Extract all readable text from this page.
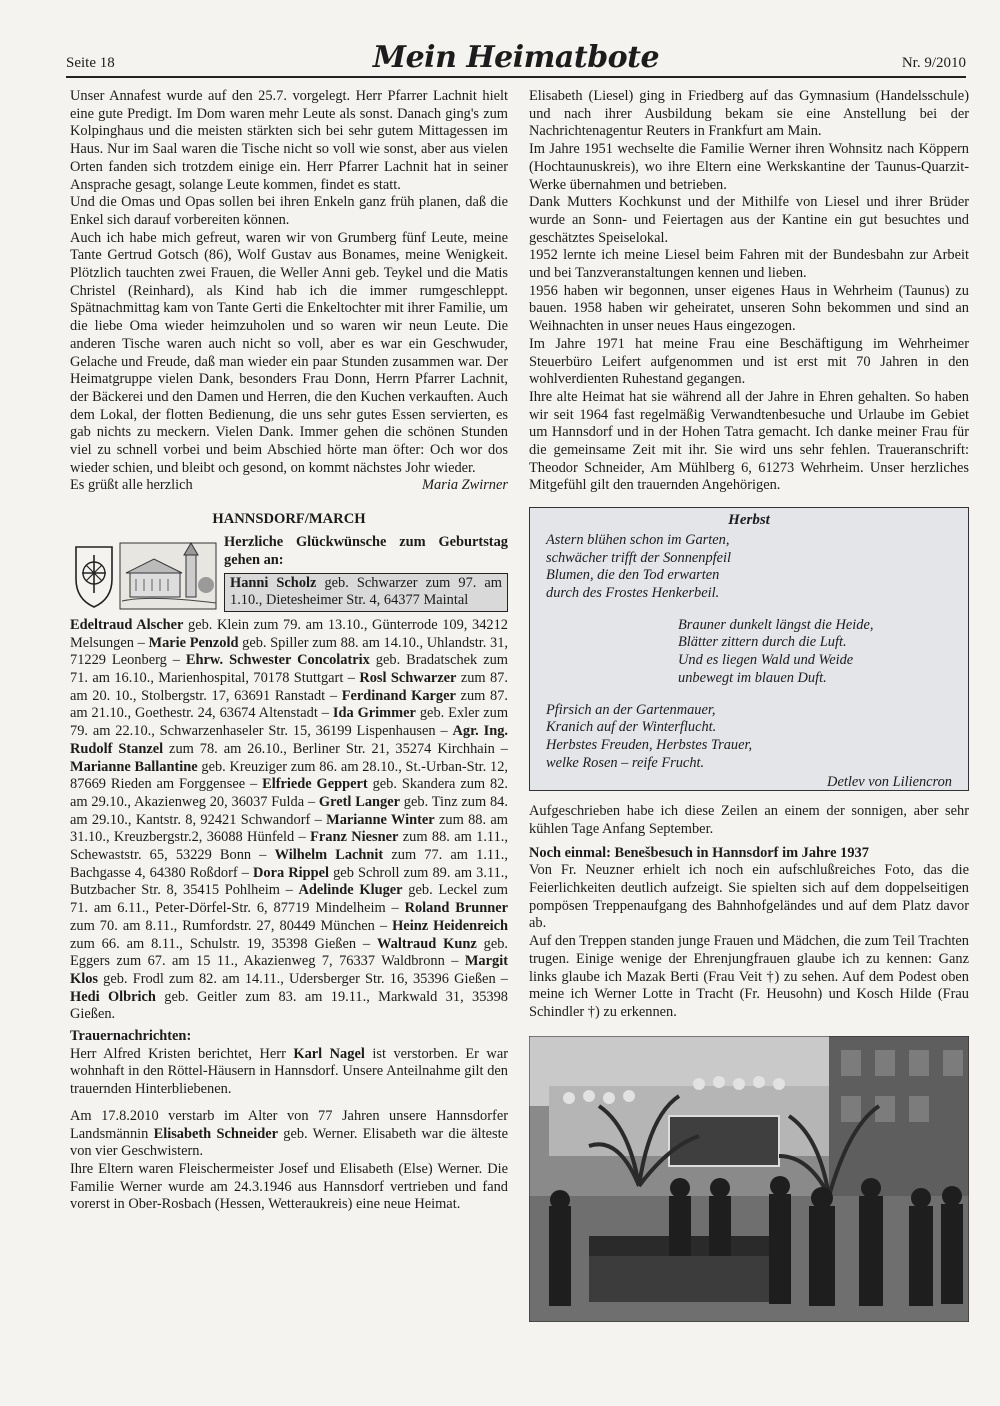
Seite 18	Mein Heimatbote	Nr. 9/2010

Unser Annafest wurde auf den 25.7. vorgelegt. Herr Pfarrer Lachnit hielt eine gute Predigt. Im Dom waren mehr Leute als sonst. Danach ging's zum Kolpinghaus und die meisten stärkten sich bei sehr gutem Mittagessen im Haus. Nur im Saal waren die Tische nicht so voll wie sonst, aber aus vielen Orten fanden sich trotzdem einige ein. Herr Pfarrer Lachnit hat in seiner Ansprache gesagt, solange Leute kommen, findet es statt.

Und die Omas und Opas sollen bei ihren Enkeln ganz früh planen, daß die Enkel sich darauf vorbereiten können.

Auch ich habe mich gefreut, waren wir von Grumberg fünf Leute, meine Tante Gertrud Gotsch (86), Wolf Gustav aus Bonames, meine Wenigkeit. Plötzlich tauchten zwei Frauen, die Weller Anni geb. Teykel und die Matis Christel (Reinhard), als Kind hab ich die immer rumgeschleppt. Spätnachmittag kam von Tante Gerti die Enkeltochter mit ihrer Familie, um die liebe Oma wieder heimzuholen und so waren wir neun Leute. Die anderen Tische waren auch nicht so voll, aber es war ein Geschwuder, Gelache und Freude, daß man wieder ein paar Stunden zusammen war. Der Heimatgruppe vielen Dank, besonders Frau Donn, Herrn Pfarrer Lachnit, der Bäckerei und den Damen und Herren, die den Kuchen verkauften. Auch dem Lokal, der flotten Bedienung, die uns sehr gutes Essen servierten, es gab nichts zu meckern. Vielen Dank. Immer gehen die schönen Stunden viel zu schnell vorbei und beim Abschied hörte man öfter: Och wor dos wieder schien, und bleibt och gesond, on kommt nächstes Johr wieder.

Es grüßt alle herzlich	Maria Zwirner
HANNSDORF/MARCH
Herzliche Glückwünsche zum Geburtstag gehen an:
Hanni Scholz geb. Schwarzer zum 97. am 1.10., Dietesheimer Str. 4, 64377 Maintal

Edeltraud Alscher geb. Klein zum 79. am 13.10., Günterrode 109, 34212 Melsungen – Marie Penzold geb. Spiller zum 88. am 14.10., Uhlandstr. 31, 71229 Leonberg – Ehrw. Schwester Concolatrix geb. Bradatschek zum 71. am 16.10., Marienhospital, 70178 Stuttgart – Rosl Schwarzer zum 87. am 20. 10., Stolbergstr. 17, 63691 Ranstadt – Ferdinand Karger zum 87. am 21.10., Goethestr. 24, 63674 Altenstadt – Ida Grimmer geb. Exler zum 79. am 22.10., Schwarzenhaseler Str. 15, 36199 Lispenhausen – Agr. Ing. Rudolf Stanzel zum 78. am 26.10., Berliner Str. 21, 35274 Kirchhain – Marianne Ballantine geb. Kreuziger zum 86. am 28.10., St.-Urban-Str. 12, 87669 Rieden am Forggensee – Elfriede Geppert geb. Skandera zum 82. am 29.10., Akazienweg 20, 36037 Fulda – Gretl Langer geb. Tinz zum 84. am 29.10., Kantstr. 8, 92421 Schwandorf – Marianne Winter zum 88. am 31.10., Kreuzbergstr.2, 36088 Hünfeld – Franz Niesner zum 88. am 1.11., Schewaststr. 65, 53229 Bonn – Wilhelm Lachnit zum 77. am 1.11., Bachgasse 4, 64380 Roßdorf – Dora Rippel geb Schroll zum 89. am 3.11., Butzbacher Str. 8, 35415 Pohlheim – Adelinde Kluger geb. Leckel zum 71. am 6.11., Peter-Dörfel-Str. 6, 87719 Mindelheim – Roland Brunner zum 70. am 8.11., Rumfordstr. 27, 80449 München – Heinz Heidenreich zum 66. am 8.11., Schulstr. 19, 35398 Gießen – Waltraud Kunz geb. Eggers zum 67. am 15 11., Akazienweg 7, 76337 Waldbronn – Margit Klos geb. Frodl zum 82. am 14.11., Udersberger Str. 16, 35396 Gießen – Hedi Olbrich geb. Geitler zum 83. am 19.11., Markwald 31, 35398 Gießen.

Trauernachrichten:

Herr Alfred Kristen berichtet, Herr Karl Nagel ist verstorben. Er war wohnhaft in den Röttel-Häusern in Hannsdorf. Unsere Anteilnahme gilt den trauernden Hinterbliebenen.

Am 17.8.2010 verstarb im Alter von 77 Jahren unsere Hannsdorfer Landsmännin Elisabeth Schneider geb. Werner. Elisabeth war die älteste von vier Geschwistern.

Ihre Eltern waren Fleischermeister Josef und Elisabeth (Else) Werner. Die Familie Werner wurde am 24.3.1946 aus Hannsdorf vertrieben und fand vorerst in Ober-Rosbach (Hessen, Wetteraukreis) eine neue Heimat.

Elisabeth (Liesel) ging in Friedberg auf das Gymnasium (Handelsschule) und nach ihrer Ausbildung bekam sie eine Anstellung bei der Nachrichtenagentur Reuters in Frankfurt am Main.

Im Jahre 1951 wechselte die Familie Werner ihren Wohnsitz nach Köppern (Hochtaunuskreis), wo ihre Eltern eine Werkskantine der Taunus-Quarzit-Werke übernahmen und betrieben.

Dank Mutters Kochkunst und der Mithilfe von Liesel und ihrer Brüder wurde an Sonn- und Feiertagen aus der Kantine ein gut besuchtes und geschätztes Speiselokal.

1952 lernte ich meine Liesel beim Fahren mit der Bundesbahn zur Arbeit und bei Tanzveranstaltungen kennen und lieben.

1956 haben wir begonnen, unser eigenes Haus in Wehrheim (Taunus) zu bauen. 1958 haben wir geheiratet, unseren Sohn bekommen und sind an Weihnachten in unser neues Haus eingezogen.

Im Jahre 1971 hat meine Frau eine Beschäftigung im Wehrheimer Steuerbüro Leifert aufgenommen und ist erst mit 70 Jahren in den wohlverdienten Ruhestand gegangen.

Ihre alte Heimat hat sie während all der Jahre in Ehren gehalten. So haben wir seit 1964 fast regelmäßig Verwandtenbesuche und Urlaube im Gebiet um Hannsdorf und in der Hohen Tatra gemacht. Ich danke meiner Frau für die gemeinsame Zeit mit ihr. Sie wird uns sehr fehlen. Traueranschrift: Theodor Schneider, Am Mühlberg 6, 61273 Wehrheim. Unser herzliches Mitgefühl gilt den trauernden Angehörigen.

Herbst
Astern blühen schon im Garten,
schwächer trifft der Sonnenpfeil
Blumen, die den Tod erwarten
durch des Frostes Henkerbeil.
Brauner dunkelt längst die Heide,
Blätter zittern durch die Luft.
Und es liegen Wald und Weide
unbewegt im blauen Duft.
Pfirsich an der Gartenmauer,
Kranich auf der Winterflucht.
Herbstes Freuden, Herbstes Trauer,
welke Rosen – reife Frucht.
Detlev von Liliencron

Aufgeschrieben habe ich diese Zeilen an einem der sonnigen, aber sehr kühlen Tage Anfang September.

Noch einmal: Benešbesuch in Hannsdorf im Jahre 1937

Von Fr. Neuzner erhielt ich noch ein aufschlußreiches Foto, das die Feierlichkeiten deutlich aufzeigt. Sie spielten sich auf dem doppelseitigen pompösen Treppenaufgang des Bahnhofgeländes und auf dem Platz davor ab.

Auf den Treppen standen junge Frauen und Mädchen, die zum Teil Trachten trugen. Einige wenige der Ehrenjungfrauen glaube ich zu kennen: Ganz links glaube ich Mazak Berti (Frau Veit †) zu sehen. Auf dem Podest oben meine ich Werner Lotte in Tracht (Fr. Heusohn) und Kosch Hilde (Frau Schindler †) zu erkennen.
